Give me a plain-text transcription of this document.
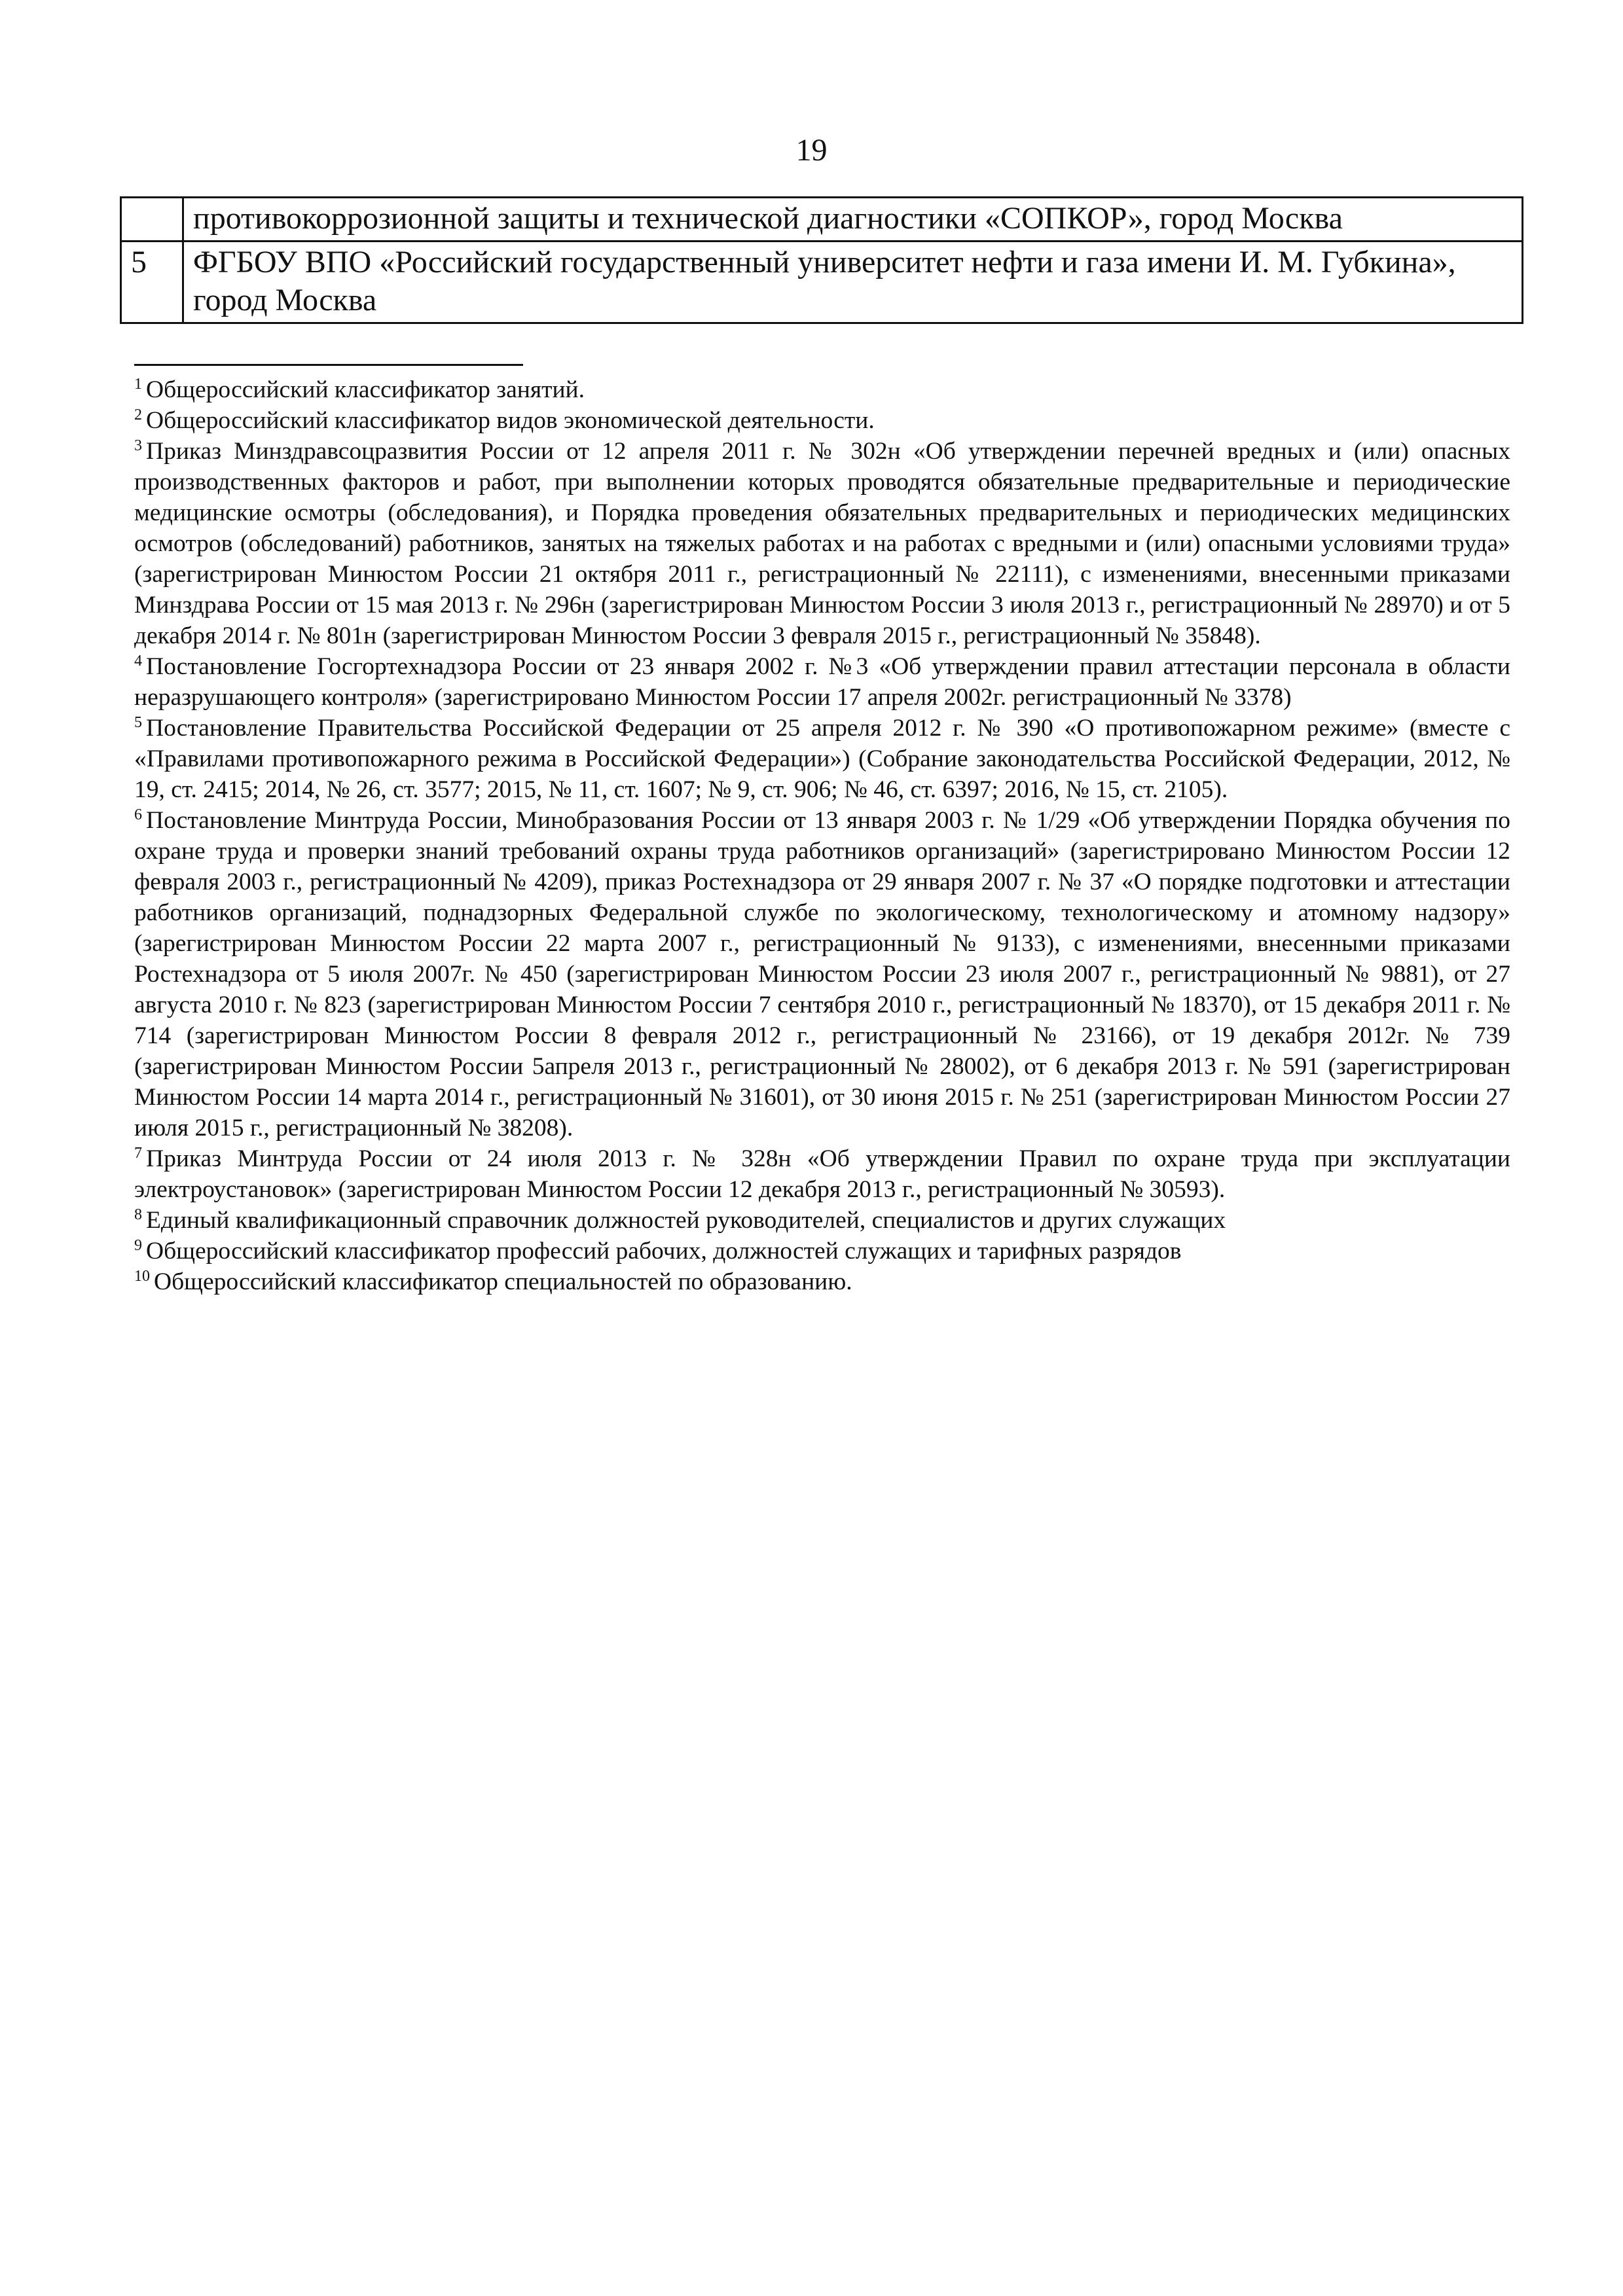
19
	противокоррозионной защиты и технической диагностики «СОПКОР», город Москва
5	ФГБОУ ВПО «Российский государственный университет нефти и газа имени И. М. Губкина», город Москва

$^1$ Общероссийский классификатор занятий.

$^2$ Общероссийский классификатор видов экономической деятельности.

$^3$ Приказ Минздравсоцразвития России от 12 апреля 2011 г. № 302н «Об утверждении перечней вредных и (или) опасных производственных факторов и работ, при выполнении которых проводятся обязательные предварительные и периодические медицинские осмотры (обследования), и Порядка проведения обязательных предварительных и периодических медицинских осмотров (обследований) работников, занятых на тяжелых работах и на работах с вредными и (или) опасными условиями труда» (зарегистрирован Минюстом России 21 октября 2011 г., регистрационный № 22111), с изменениями, внесенными приказами Минздрава России от 15 мая 2013 г. № 296н (зарегистрирован Минюстом России 3 июля 2013 г., регистрационный № 28970) и от 5 декабря 2014 г. № 801н (зарегистрирован Минюстом России 3 февраля 2015 г., регистрационный № 35848).

$^4$ Постановление Госгортехнадзора России от 23 января 2002 г. №3 «Об утверждении правил аттестации персонала в области неразрушающего контроля» (зарегистрировано Минюстом России 17 апреля 2002г. регистрационный № 3378)

$^5$ Постановление Правительства Российской Федерации от 25 апреля 2012 г. № 390 «О противопожарном режиме» (вместе с «Правилами противопожарного режима в Российской Федерации») (Собрание законодательства Российской Федерации, 2012, № 19, ст. 2415; 2014, № 26, ст. 3577; 2015, № 11, ст. 1607; № 9, ст. 906; № 46, ст. 6397; 2016, № 15, ст. 2105).

$^6$ Постановление Минтруда России, Минобразования России от 13 января 2003 г. № 1/29 «Об утверждении Порядка обучения по охране труда и проверки знаний требований охраны труда работников организаций» (зарегистрировано Минюстом России 12 февраля 2003 г., регистрационный № 4209), приказ Ростехнадзора от 29 января 2007 г. № 37 «О порядке подготовки и аттестации работников организаций, поднадзорных Федеральной службе по экологическому, технологическому и атомному надзору» (зарегистрирован Минюстом России 22 марта 2007 г., регистрационный № 9133), с изменениями, внесенными приказами Ростехнадзора от 5 июля 2007г. № 450 (зарегистрирован Минюстом России 23 июля 2007 г., регистрационный № 9881), от 27 августа 2010 г. № 823 (зарегистрирован Минюстом России 7 сентября 2010 г., регистрационный № 18370), от 15 декабря 2011 г. № 714 (зарегистрирован Минюстом России 8 февраля 2012 г., регистрационный № 23166), от 19 декабря 2012г. № 739 (зарегистрирован Минюстом России 5апреля 2013 г., регистрационный № 28002), от 6 декабря 2013 г. № 591 (зарегистрирован Минюстом России 14 марта 2014 г., регистрационный № 31601), от 30 июня 2015 г. № 251 (зарегистрирован Минюстом России 27 июля 2015 г., регистрационный № 38208).

$^7$ Приказ Минтруда России от 24 июля 2013 г. № 328н «Об утверждении Правил по охране труда при эксплуатации электроустановок» (зарегистрирован Минюстом России 12 декабря 2013 г., регистрационный № 30593).

$^8$ Единый квалификационный справочник должностей руководителей, специалистов и других служащих

$^9$ Общероссийский классификатор профессий рабочих, должностей служащих и тарифных разрядов

$^{10}$ Общероссийский классификатор специальностей по образованию.
